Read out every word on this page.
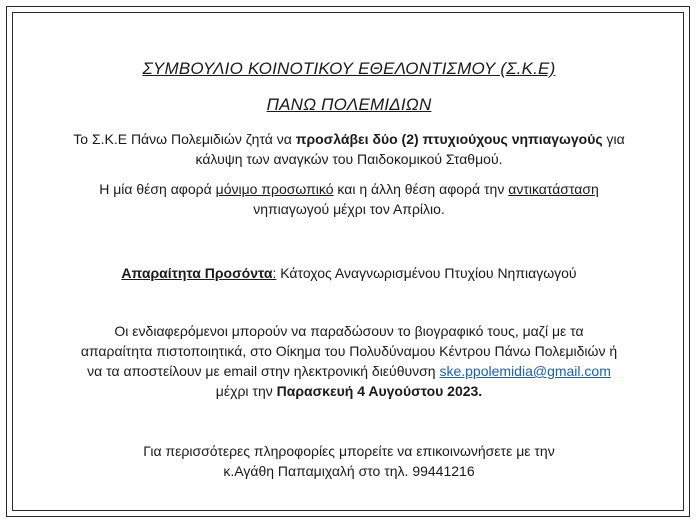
ΣΥΜΒΟΥΛΙΟ ΚΟΙΝΟΤΙΚΟΥ ΕΘΕΛΟΝΤΙΣΜΟΥ (Σ.Κ.Ε)
ΠΑΝΩ ΠΟΛΕΜΙΔΙΩΝ

Το Σ.Κ.Ε Πάνω Πολεμιδιών ζητά να προσλάβει δύο (2) πτυχιούχους νηπιαγωγούς για
κάλυψη των αναγκών του Παιδοκομικού Σταθμού.

Η μία θέση αφορά μόνιμο προσωπικό και η άλλη θέση αφορά την αντικατάσταση
νηπιαγωγού μέχρι τον Απρίλιο.

Απαραίτητα Προσόντα: Κάτοχος Αναγνωρισμένου Πτυχίου Νηπιαγωγού

Οι ενδιαφερόμενοι μπορούν να παραδώσουν το βιογραφικό τους, μαζί με τα
απαραίτητα πιστοποιητικά, στο Οίκημα του Πολυδύναμου Κέντρου Πάνω Πολεμιδιών ή
να τα αποστείλουν με email στην ηλεκτρονική διεύθυνση ske.ppolemidia@gmail.com
μέχρι την Παρασκευή 4 Αυγούστου 2023.

Για περισσότερες πληροφορίες μπορείτε να επικοινωνήσετε με την
κ.Αγάθη Παπαμιχαλή στο τηλ. 99441216
